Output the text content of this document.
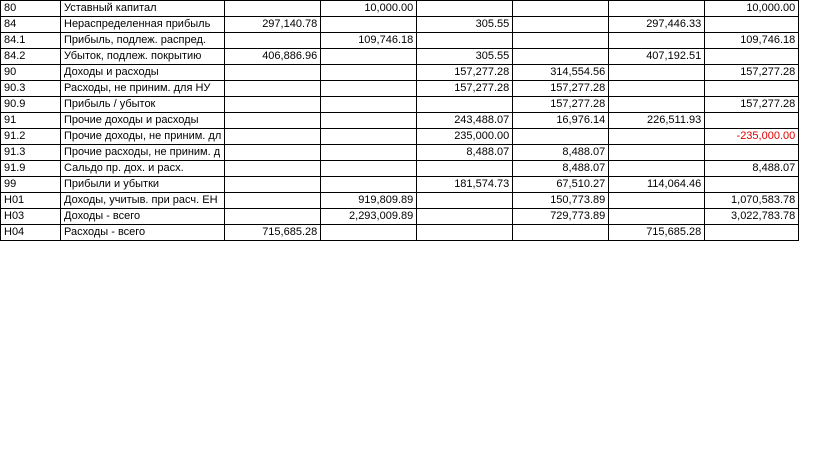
80	Уставный капитал		10,000.00				10,000.00
84	Нераспределенная прибыль	297,140.78		305.55		297,446.33	
84.1	Прибыль, подлеж. распред.		109,746.18				109,746.18
84.2	Убыток, подлеж. покрытию	406,886.96		305.55		407,192.51	
90	Доходы и расходы			157,277.28	314,554.56		157,277.28
90.3	Расходы, не приним. для НУ			157,277.28	157,277.28		
90.9	Прибыль / убыток				157,277.28		157,277.28
91	Прочие доходы и расходы			243,488.07	16,976.14	226,511.93	
91.2	Прочие доходы, не приним. дл			235,000.00			-235,000.00
91.3	Прочие расходы, не приним. д			8,488.07	8,488.07		
91.9	Сальдо пр. дох. и расх.				8,488.07		8,488.07
99	Прибыли и убытки			181,574.73	67,510.27	114,064.46	
Н01	Доходы, учитыв. при расч. ЕН		919,809.89		150,773.89		1,070,583.78
Н03	Доходы - всего		2,293,009.89		729,773.89		3,022,783.78
Н04	Расходы - всего	715,685.28				715,685.28	
